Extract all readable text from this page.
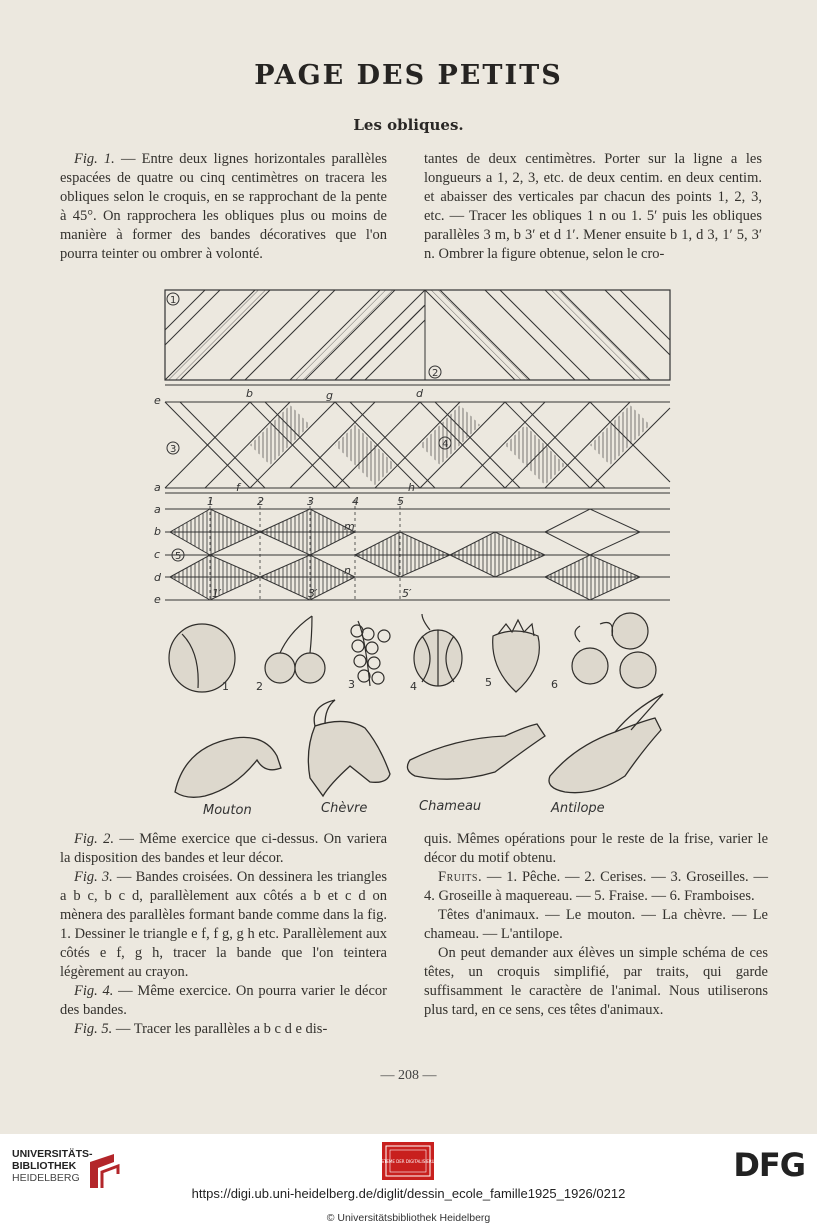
PAGE DES PETITS
Les obliques.

Fig. 1. — Entre deux lignes horizontales parallèles espacées de quatre ou cinq centimètres on tracera les obliques selon le croquis, en se rapprochant de la pente à 45°. On rapprochera les obliques plus ou moins de manière à former des bandes décoratives que l'on pourra teinter ou ombrer à volonté.

tantes de deux centimètres. Porter sur la ligne a les longueurs a 1, 2, 3, etc. de deux centim. en deux centim. et abaisser des verticales par chacun des points 1, 2, 3, etc. — Tracer les obliques 1 n ou 1. 5′ puis les obliques parallèles 3 m, b 3′ et d 1′. Mener ensuite b 1, d 3, 1′ 5, 3′ n. Ombrer la figure obtenue, selon le cro-

1
2
3	4
5
e
b	g	d
a	f	h
a
b
c
d
e
1	2	3	4	5
m
n
1′	3′	5′
1 2	3	4	5	6
Mouton	Chèvre	Chameau	Antilope

Fig. 2. — Même exercice que ci-dessus. On variera la disposition des bandes et leur décor.

Fig. 3. — Bandes croisées. On dessinera les triangles a b c, b c d, parallèlement aux côtés a b et c d on mènera des parallèles formant bande comme dans la fig. 1. Dessiner le triangle e f, f g, g h etc. Parallèlement aux côtés e f, g h, tracer la bande que l'on teintera légèrement au crayon.

Fig. 4. — Même exercice. On pourra varier le décor des bandes.

Fig. 5. — Tracer les parallèles a b c d e dis-

quis. Mêmes opérations pour le reste de la frise, varier le décor du motif obtenu.

Fruits. — 1. Pêche. — 2. Cerises. — 3. Groseilles. — 4. Groseille à maquereau. — 5. Fraise. — 6. Framboises.

Têtes d'animaux. — Le mouton. — La chèvre. — Le chameau. — L'antilope.

On peut demander aux élèves un simple schéma de ces têtes, un croquis simplifié, par traits, qui garde suffisamment le caractère de l'animal. Nous utiliserons plus tard, en ce sens, ces têtes d'animaux.

— 208 —
UNIVERSITÄTS-
BIBLIOTHEK
HEIDELBERG
EPISTEME DER DIGITALISIERUNG	DFG
https://digi.ub.uni-heidelberg.de/diglit/dessin_ecole_famille1925_1926/0212
© Universitätsbibliothek Heidelberg
